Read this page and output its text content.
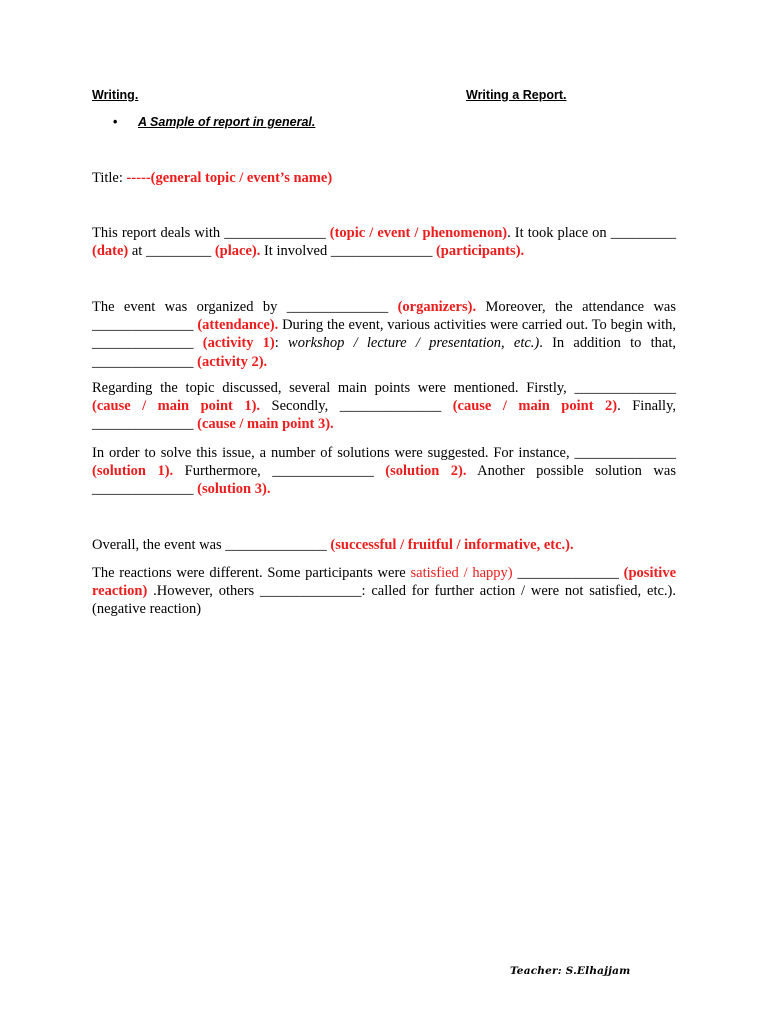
Writing.	Writing a Report.
• A Sample of report in general.

Title: -----(general topic / event’s name)

This report deals with ______________ (topic / event / phenomenon). It took place on _________ (date) at _________ (place). It involved ______________ (participants).

The event was organized by ______________ (organizers). Moreover, the attendance was ______________ (attendance). During the event, various activities were carried out. To begin with, ______________ (activity 1): workshop / lecture / presentation, etc.). In addition to that, ______________ (activity 2).

Regarding the topic discussed, several main points were mentioned. Firstly, ______________ (cause / main point 1). Secondly, ______________ (cause / main point 2). Finally, ______________ (cause / main point 3).

In order to solve this issue, a number of solutions were suggested. For instance, ______________ (solution 1). Furthermore, ______________ (solution 2). Another possible solution was ______________ (solution 3).

Overall, the event was ______________ (successful / fruitful / informative, etc.).

The reactions were different. Some participants were satisfied / happy) ______________ (positive reaction) .However, others ______________: called for further action / were not satisfied, etc.). (negative reaction)

Teacher: S.Elhajjam
